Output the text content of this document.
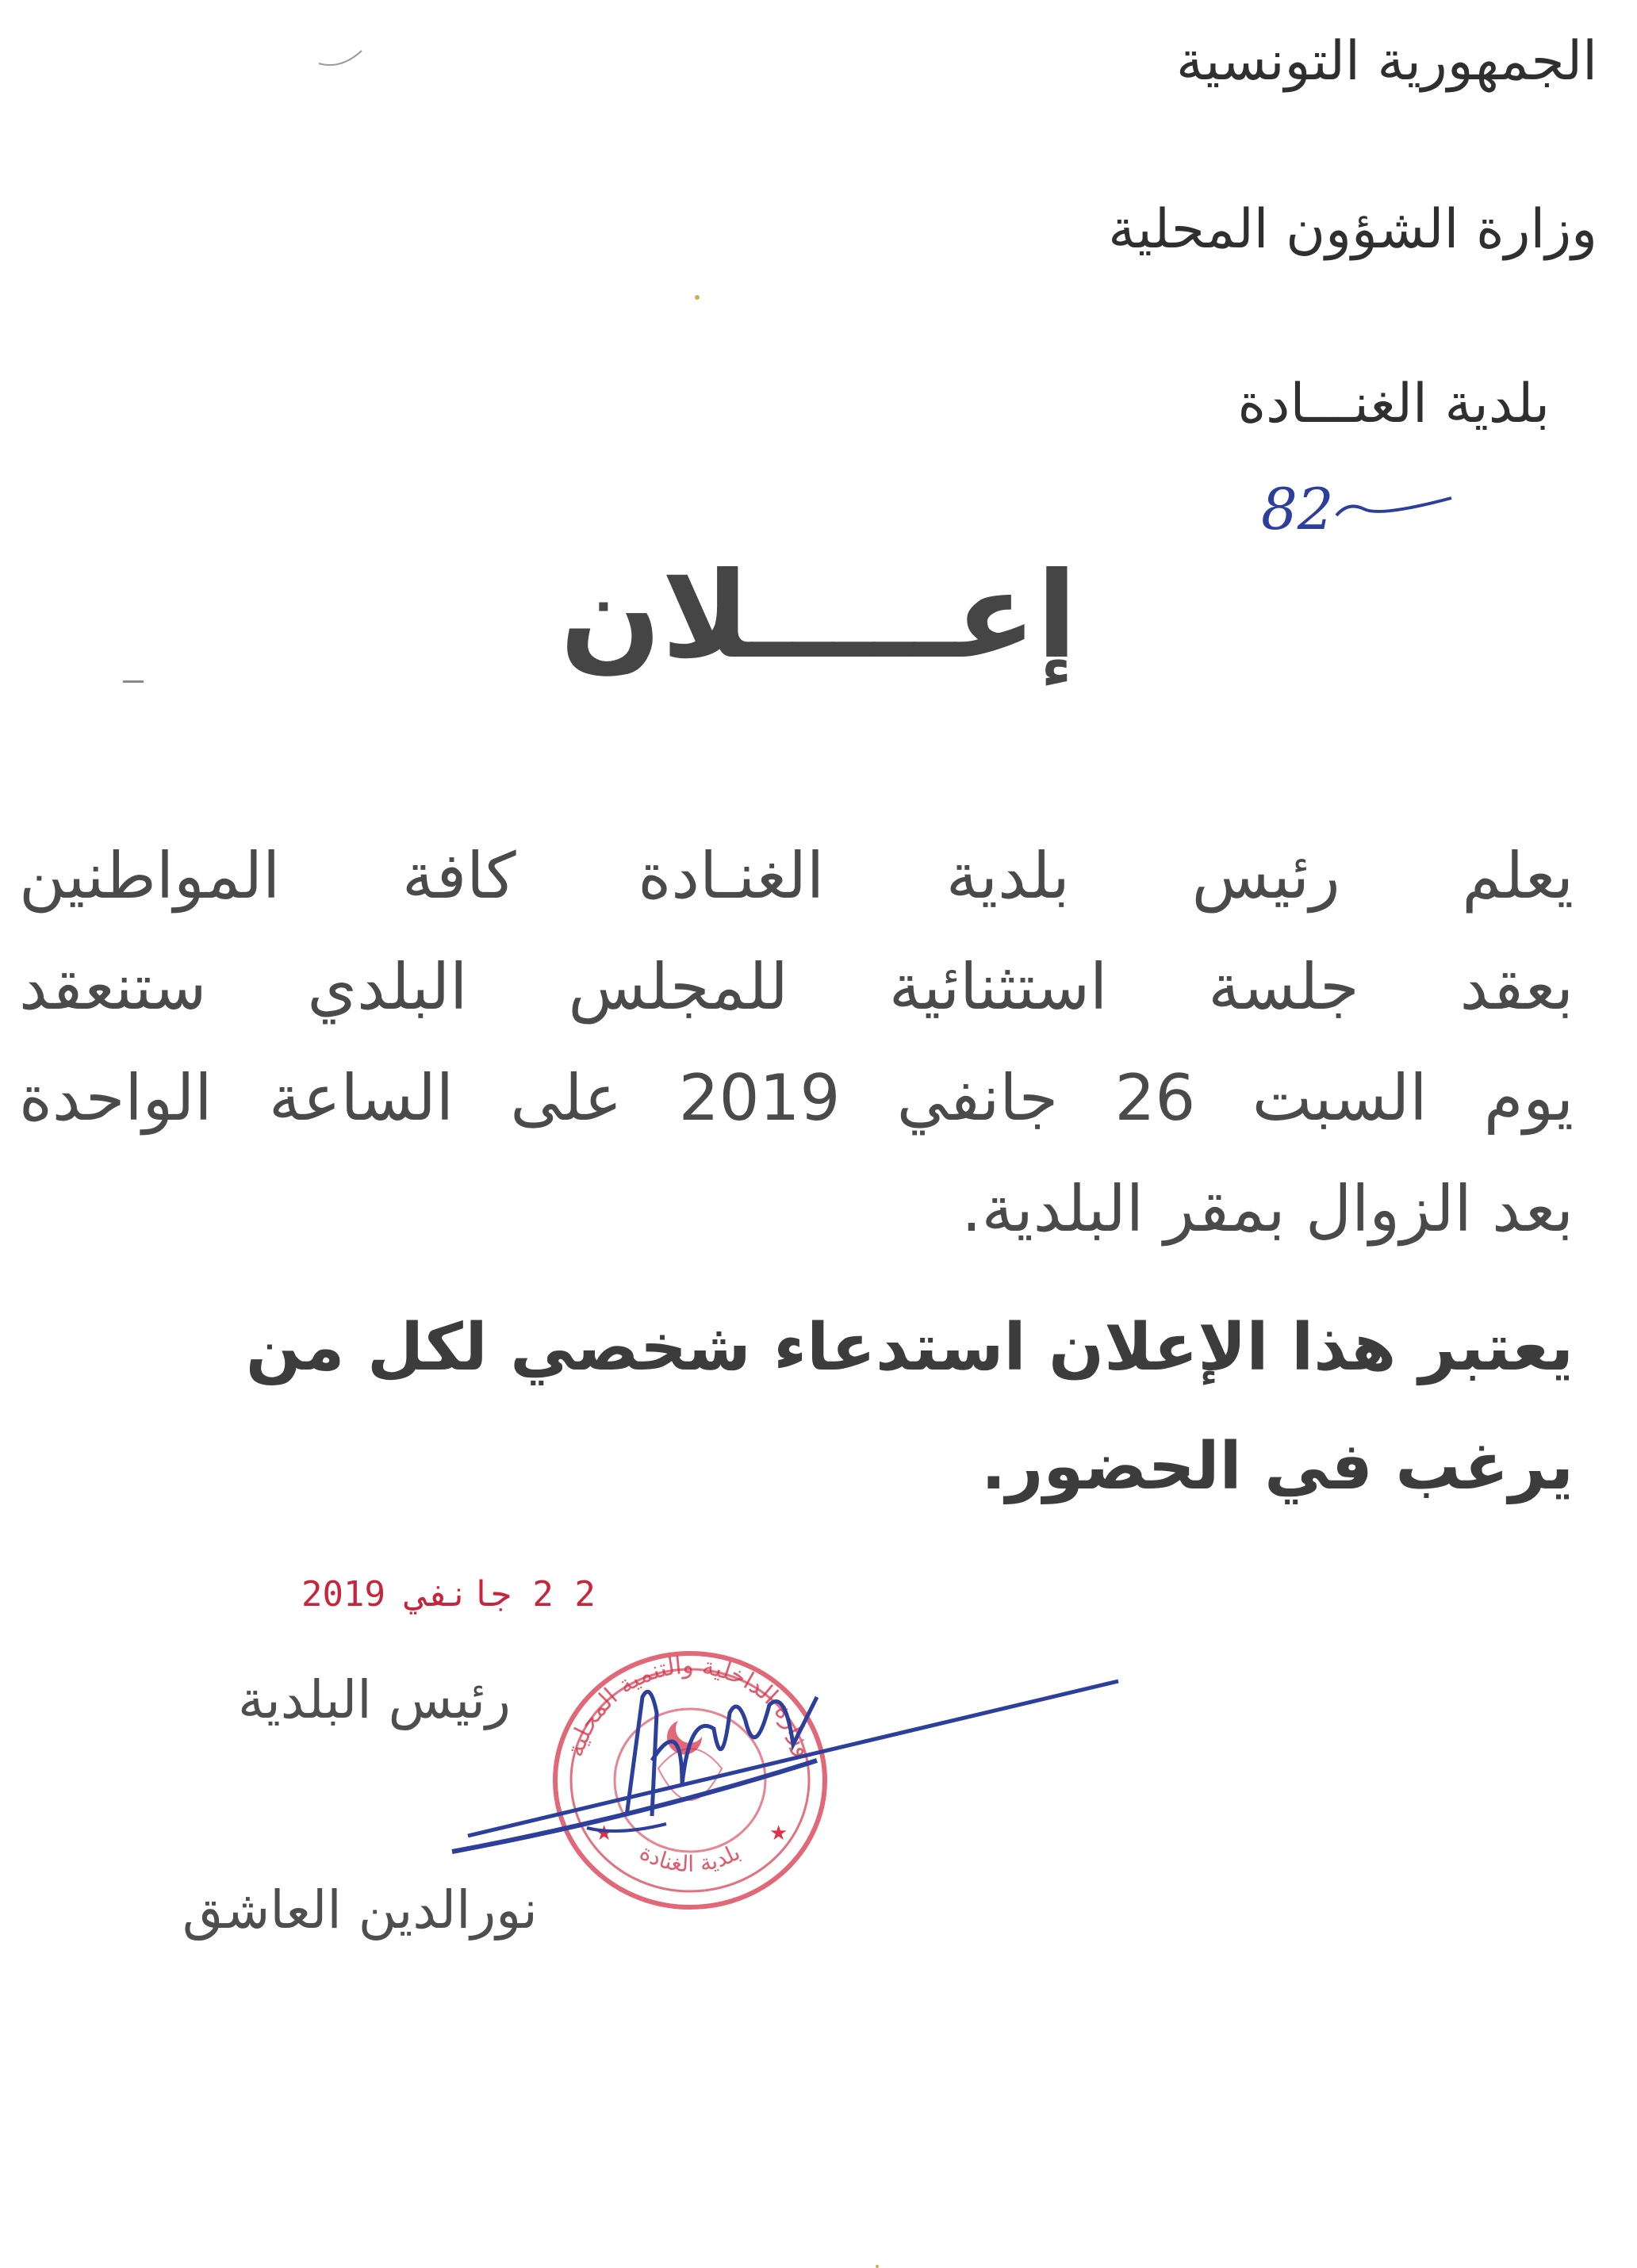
الجمهورية التونسية
وزارة الشؤون المحلية
بلدية الغنـــادة
82
إعـــــلان
يعلم رئيس بلدية الغنـادة كافة المواطنين
بعقد جلسة استثنائية للمجلس البلدي ستنعقد
يوم السبت 26 جانفي 2019 على الساعة الواحدة
بعد الزوال بمقر البلدية.
يعتبر هذا الإعلان استدعاء شخصي لكل من
يرغب في الحضور.
2 2 جانفي 2019
رئيس البلدية
نورالدين العاشق
وزارة الداخلية والتنمية المحلية
بلدية الغنادة
★	★
